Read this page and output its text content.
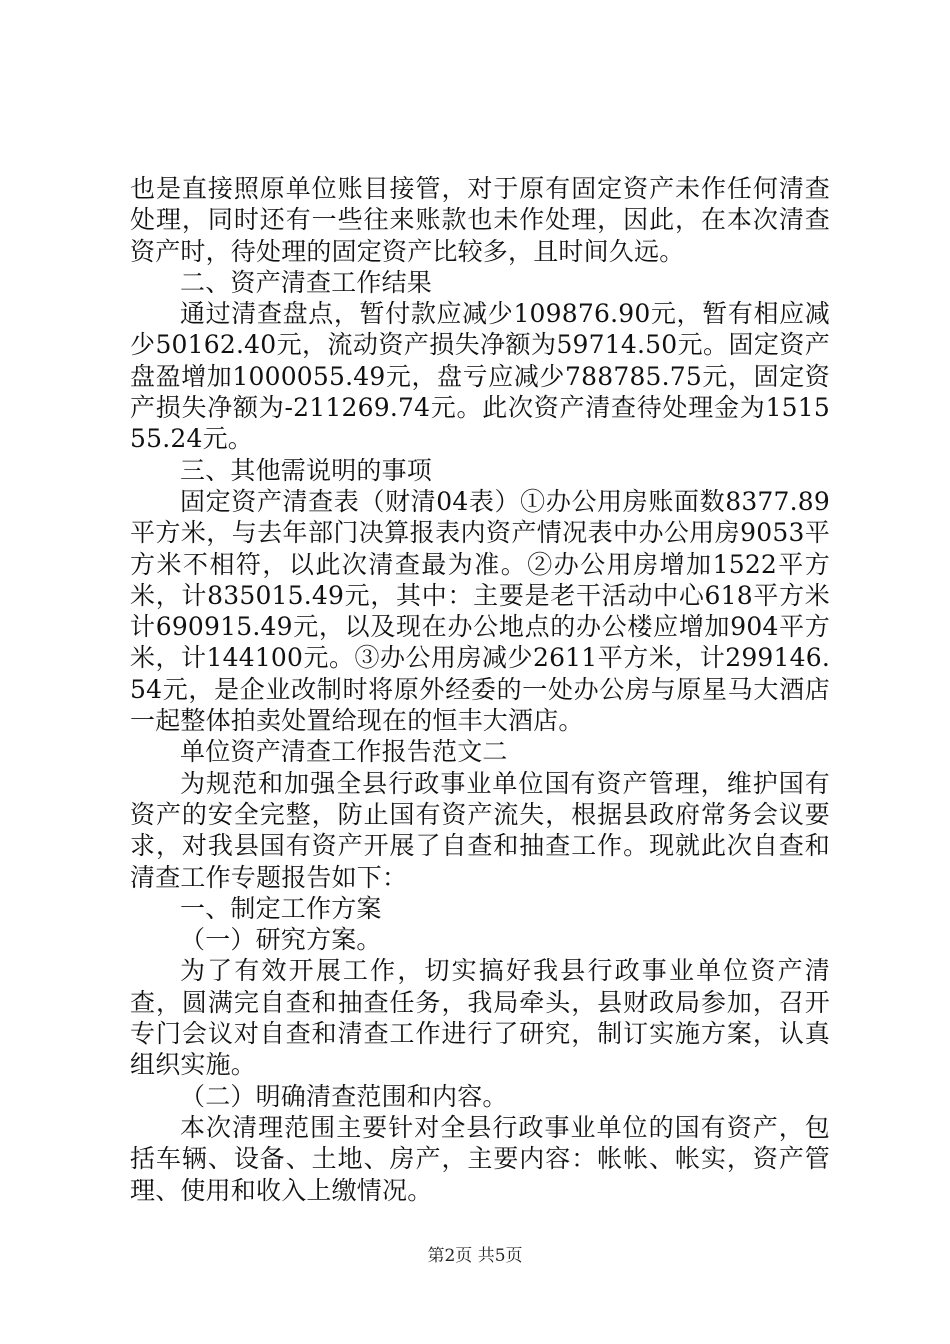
也是直接照原单位账目接管，对于原有固定资产未作任何清查处理，同时还有一些往来账款也未作处理，因此，在本次清查资产时，待处理的固定资产比较多，且时间久远。

二、资产清查工作结果

通过清查盘点，暂付款应减少109876.90元，暂有相应减少50162.40元，流动资产损失净额为59714.50元。固定资产盘盈增加1000055.49元，盘亏应减少788785.75元，固定资产损失净额为-211269.74元。此次资产清查待处理金为151555.24元。

三、其他需说明的事项

固定资产清查表（财清04表）①办公用房账面数8377.89平方米，与去年部门决算报表内资产情况表中办公用房9053平方米不相符，以此次清查最为准。②办公用房增加1522平方米，计835015.49元，其中：主要是老干活动中心618平方米计690915.49元，以及现在办公地点的办公楼应增加904平方米，计144100元。③办公用房减少2611平方米，计299146.54元，是企业改制时将原外经委的一处办公房与原星马大酒店一起整体拍卖处置给现在的恒丰大酒店。

单位资产清查工作报告范文二

为规范和加强全县行政事业单位国有资产管理，维护国有资产的安全完整，防止国有资产流失，根据县政府常务会议要求，对我县国有资产开展了自查和抽查工作。现就此次自查和清查工作专题报告如下：

一、制定工作方案

（一）研究方案。

为了有效开展工作，切实搞好我县行政事业单位资产清查，圆满完自查和抽查任务，我局牵头，县财政局参加，召开专门会议对自查和清查工作进行了研究，制订实施方案，认真组织实施。

（二）明确清查范围和内容。

本次清理范围主要针对全县行政事业单位的国有资产，包括车辆、设备、土地、房产，主要内容：帐帐、帐实，资产管理、使用和收入上缴情况。

第2页 共5页
